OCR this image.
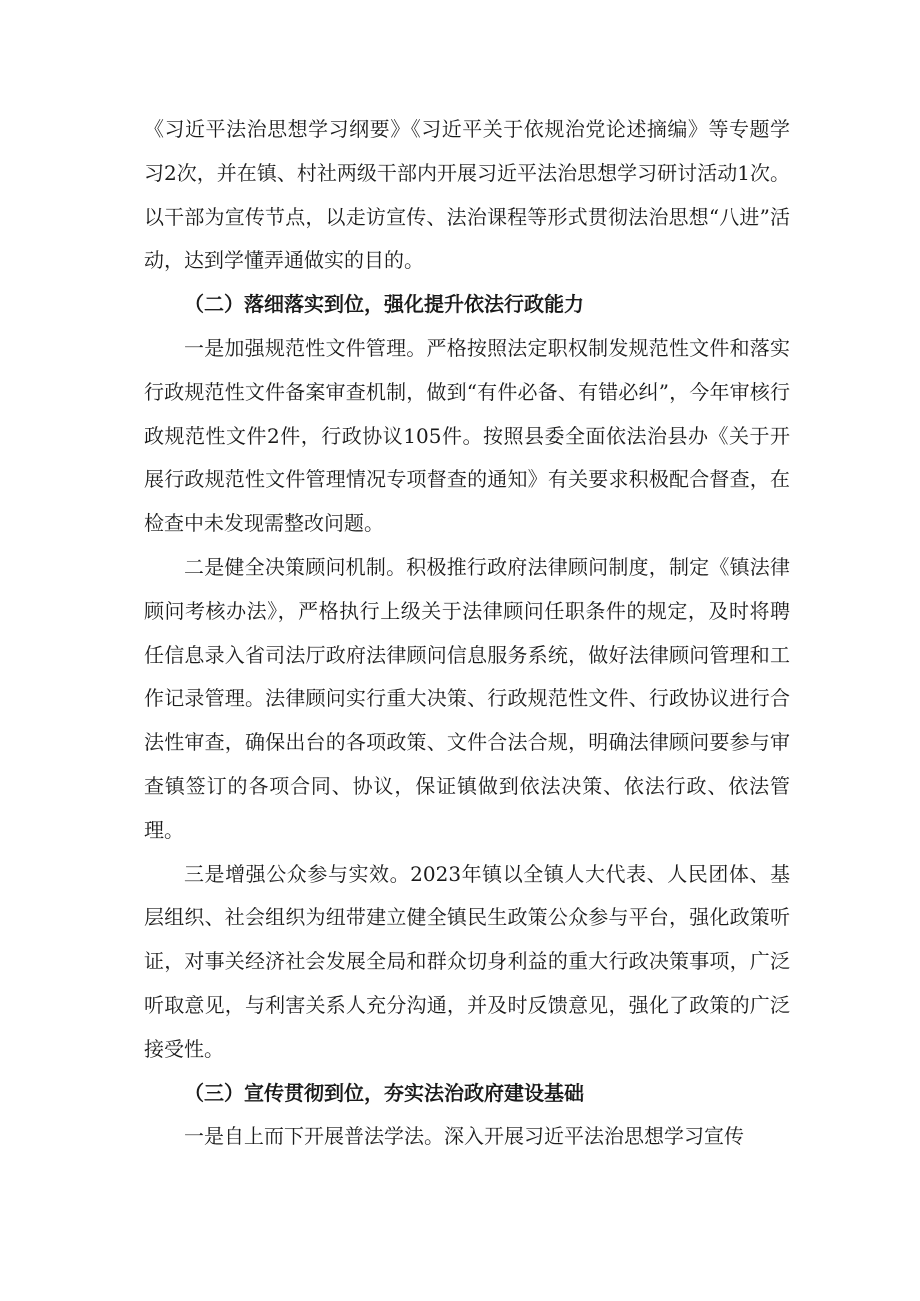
《习近平法治思想学习纲要》《习近平关于依规治党论述摘编》等专题学习2次，并在镇、村社两级干部内开展习近平法治思想学习研讨活动1次。以干部为宣传节点，以走访宣传、法治课程等形式贯彻法治思想“八进”活动，达到学懂弄通做实的目的。

（二）落细落实到位，强化提升依法行政能力

一是加强规范性文件管理。严格按照法定职权制发规范性文件和落实行政规范性文件备案审查机制，做到“有件必备、有错必纠”，今年审核行政规范性文件2件，行政协议105件。按照县委全面依法治县办《关于开展行政规范性文件管理情况专项督查的通知》有关要求积极配合督查，在检查中未发现需整改问题。

二是健全决策顾问机制。积极推行政府法律顾问制度，制定《镇法律顾问考核办法》，严格执行上级关于法律顾问任职条件的规定，及时将聘任信息录入省司法厅政府法律顾问信息服务系统，做好法律顾问管理和工作记录管理。法律顾问实行重大决策、行政规范性文件、行政协议进行合法性审查，确保出台的各项政策、文件合法合规，明确法律顾问要参与审查镇签订的各项合同、协议，保证镇做到依法决策、依法行政、依法管理。

三是增强公众参与实效。2023年镇以全镇人大代表、人民团体、基层组织、社会组织为纽带建立健全镇民生政策公众参与平台，强化政策听证，对事关经济社会发展全局和群众切身利益的重大行政决策事项，广泛听取意见，与利害关系人充分沟通，并及时反馈意见，强化了政策的广泛接受性。

（三）宣传贯彻到位，夯实法治政府建设基础

一是自上而下开展普法学法。深入开展习近平法治思想学习宣传
